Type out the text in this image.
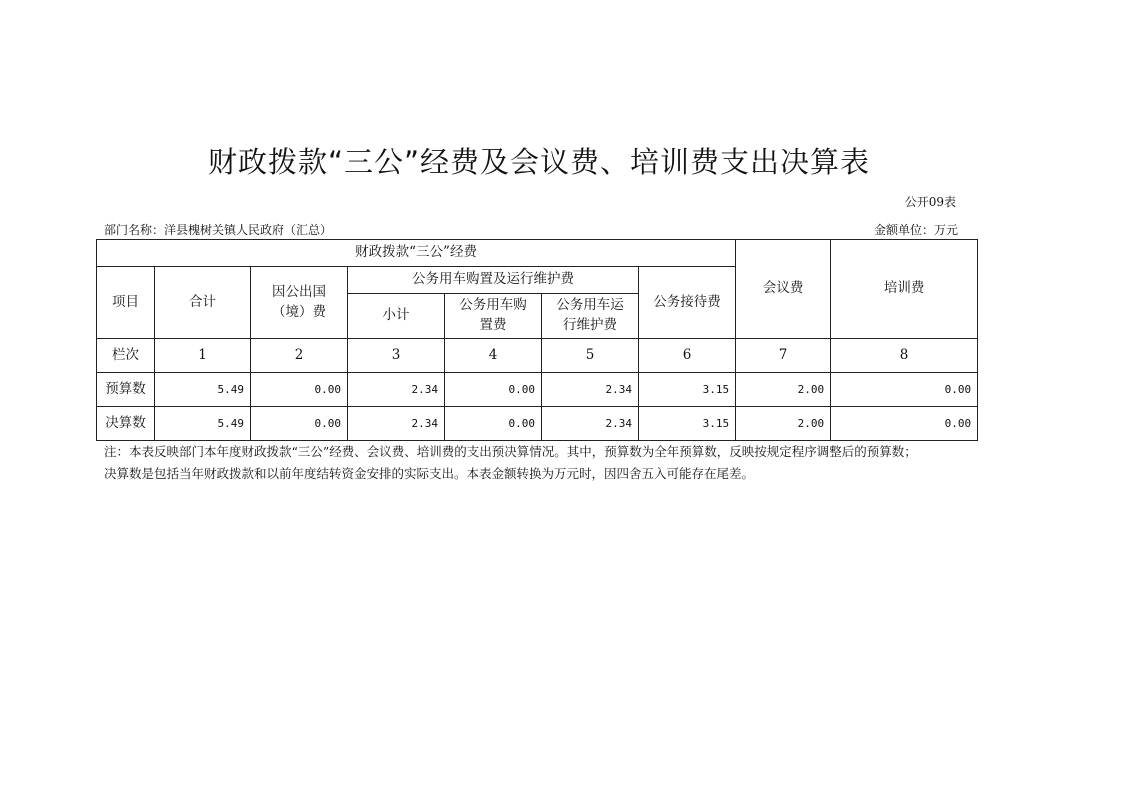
财政拨款“三公”经费及会议费、培训费支出决算表
公开09表
部门名称：洋县槐树关镇人民政府（汇总）	金额单位：万元
财政拨款“三公”经费							会议费	培训费
项目	合计	因公出国（境）费	公务用车购置及运行维护费			公务接待费		
			小计	公务用车购置费	公务用车运行维护费			
栏次	1	2	3	4	5	6	7	8
预算数	5.49	0.00	2.34	0.00	2.34	3.15	2.00	0.00
决算数	5.49	0.00	2.34	0.00	2.34	3.15	2.00	0.00
注：本表反映部门本年度财政拨款“三公”经费、会议费、培训费的支出预决算情况。其中，预算数为全年预算数，反映按规定程序调整后的预算数；
决算数是包括当年财政拨款和以前年度结转资金安排的实际支出。本表金额转换为万元时，因四舍五入可能存在尾差。
